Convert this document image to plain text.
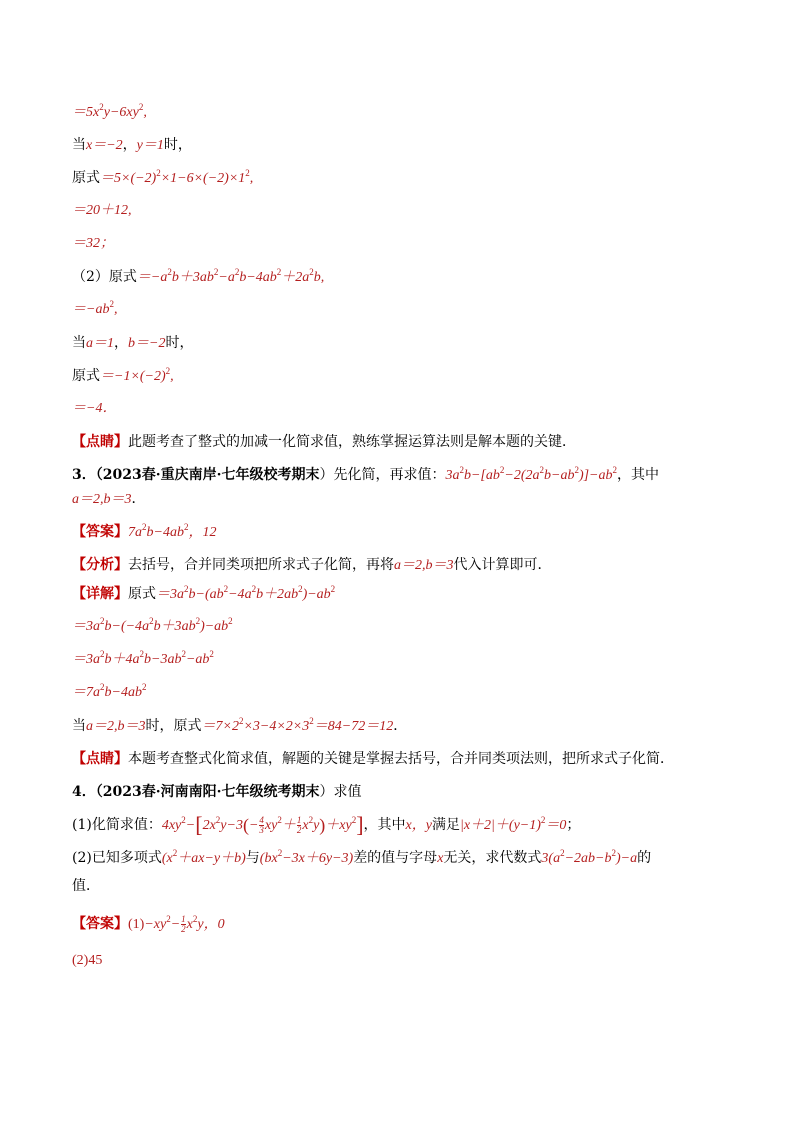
$=5x^2y-6xy^2$,
当x＝−2，y＝1时，
原式$=5\times(-2)^2\times 1-6\times(-2)\times 1^2$,
＝20＋12,
＝32；
（2）原式$=-a^2b+3ab^2-a^2b-4ab^2+2a^2b$,
$=-ab^2$,
当a＝1，b＝−2时，
原式$=-1\times(-2)^2$,
＝−4．
【点睛】此题考查了整式的加减一化简求值，熟练掌握运算法则是解本题的关键．
3．（2023春·重庆南岸·七年级校考期末）先化简，再求值：$3a^2b-[ab^2-2(2a^2b-ab^2)]-ab^2$，其中
a＝2,b＝3．
【答案】$7a^2b-4ab^2$，12
【分析】去括号，合并同类项把所求式子化简，再将a＝2,b＝3代入计算即可．
【详解】原式$=3a^2b-(ab^2-4a^2b+2ab^2)-ab^2$
$=3a^2b-(-4a^2b+3ab^2)-ab^2$
$=3a^2b+4a^2b-3ab^2-ab^2$
$=7a^2b-4ab^2$
当a＝2,b＝3时，原式$=7\times 2^2\times 3-4\times 2\times 3^2=84-72=12$．
【点睛】本题考查整式化简求值，解题的关键是掌握去括号，合并同类项法则，把所求式子化简．
4．（2023春·河南南阳·七年级统考期末）求值
(1)化简求值：$4xy^2-[2x^2y-3(- \frac{4}{3} xy^2+ \frac{1}{2} x^2y)+xy^2]$，其中x，y满足$|x+2|+(y-1)^2=0$；
(2)已知多项式$(x^2+ax-y+b)$与$(bx^2-3x+6y-3)$差的值与字母x无关，求代数式$3(a^2-2ab-b^2)-a$的
值．
【答案】$(1)-xy^2- \frac{1}{2} x^2y$，0
(2)45
